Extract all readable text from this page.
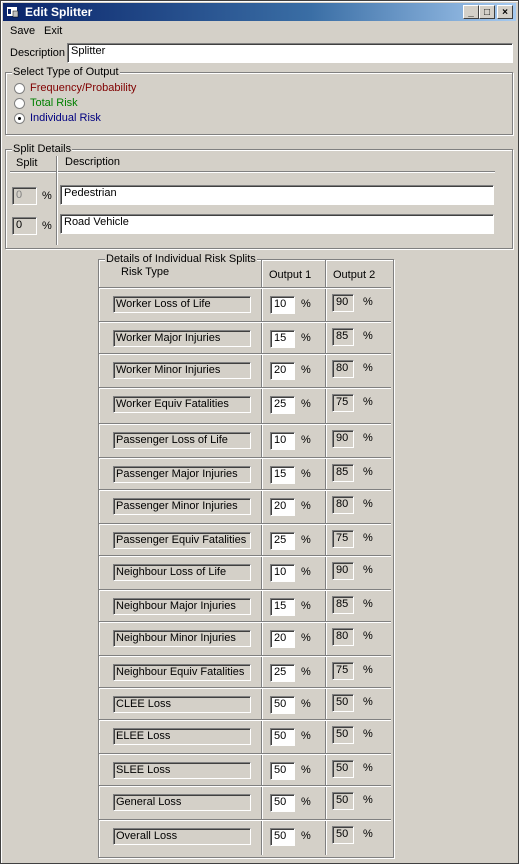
Edit Splitter	_	□	×
Save Exit
Description Splitter
Select Type of Output
Frequency/Probability
Total Risk
Individual Risk
Split Details
Split	Description
0	%	Pedestrian
0	%	Road Vehicle
Details of Individual Risk Splits
Risk Type	Output 1 Output 2
Worker Loss of Life	10	%	90	%
Worker Major Injuries	15	%	85	%
Worker Minor Injuries	20	%	80	%
Worker Equiv Fatalities	25	%	75	%
Passenger Loss of Life	10	%	90	%
Passenger Major Injuries	15	%	85	%
Passenger Minor Injuries	20	%	80	%
Passenger Equiv Fatalities	25	%	75	%
Neighbour Loss of Life	10	%	90	%
Neighbour Major Injuries	15	%	85	%
Neighbour Minor Injuries	20	%	80	%
Neighbour Equiv Fatalities	25	%	75	%
CLEE Loss	50	%	50	%
ELEE Loss	50	%	50	%
SLEE Loss	50	%	50	%
General Loss	50	%	50	%
Overall Loss	50	%	50	%
